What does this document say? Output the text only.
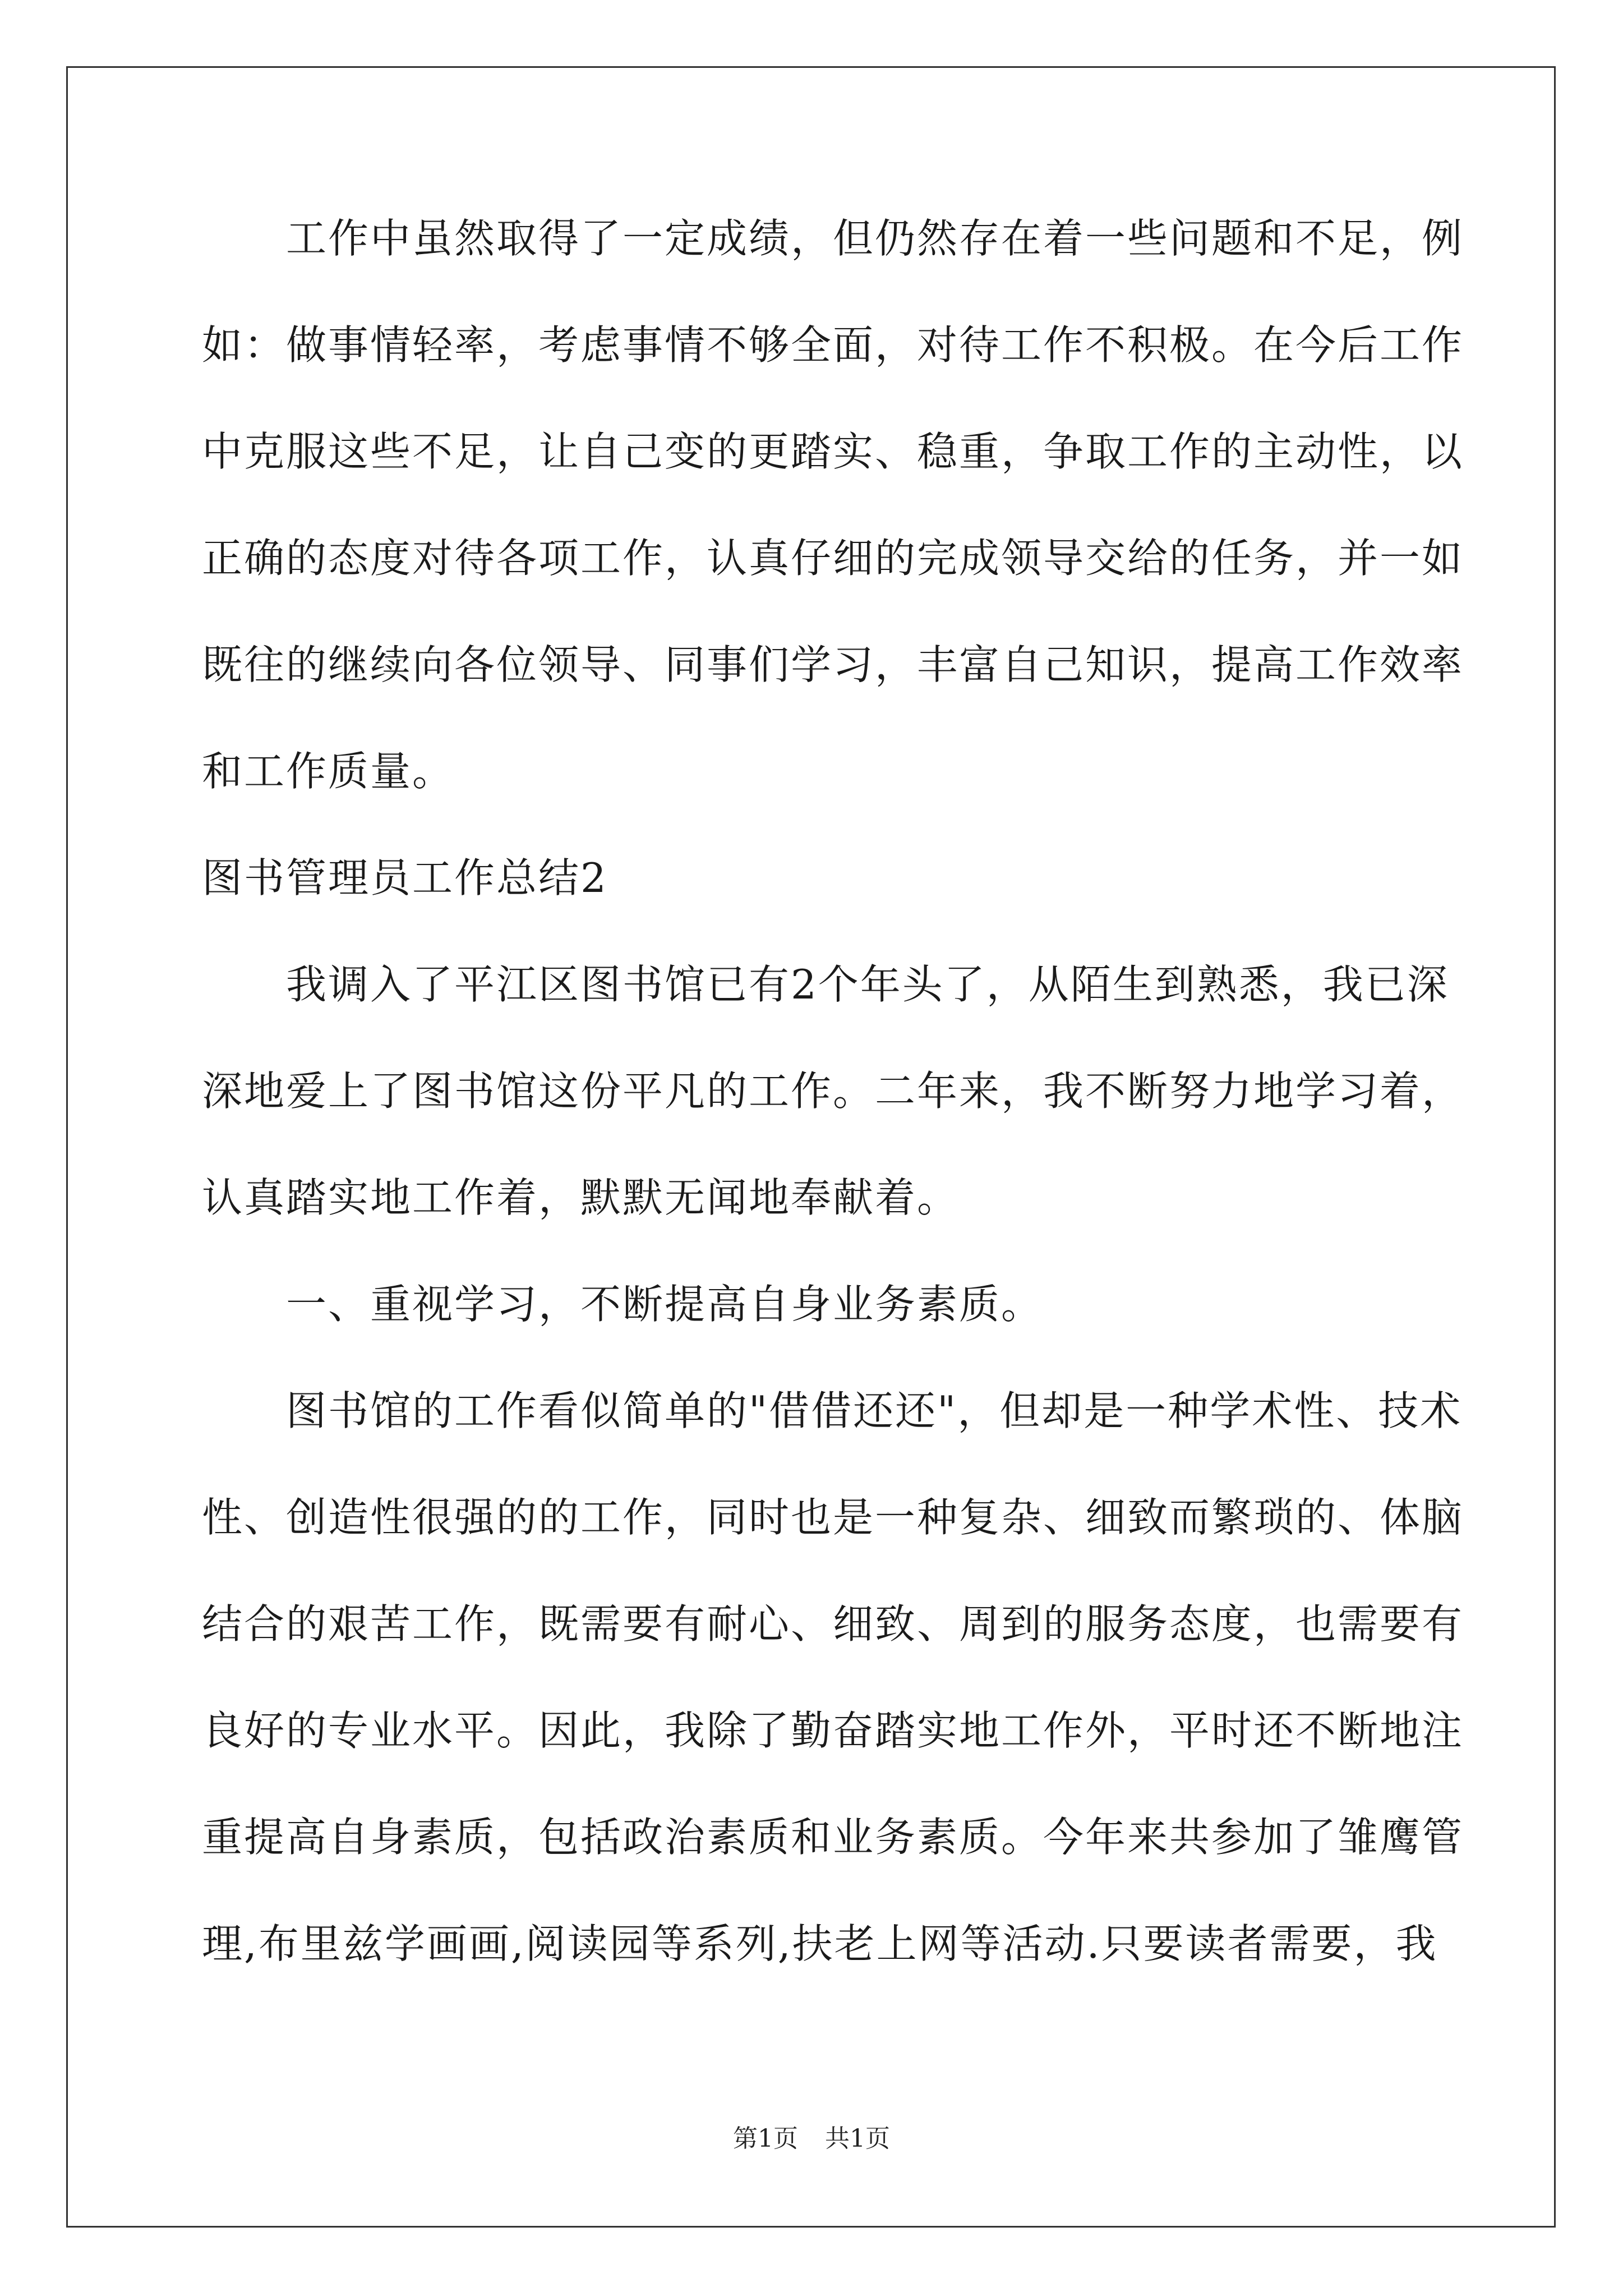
工作中虽然取得了一定成绩，但仍然存在着一些问题和不足，例
如：做事情轻率，考虑事情不够全面，对待工作不积极。在今后工作
中克服这些不足，让自己变的更踏实、稳重，争取工作的主动性，以
正确的态度对待各项工作，认真仔细的完成领导交给的任务，并一如
既往的继续向各位领导、同事们学习，丰富自己知识，提高工作效率
和工作质量。
图书管理员工作总结2
我调入了平江区图书馆已有2个年头了，从陌生到熟悉，我已深
深地爱上了图书馆这份平凡的工作。二年来，我不断努力地学习着，
认真踏实地工作着，默默无闻地奉献着。
一、重视学习，不断提高自身业务素质。
图书馆的工作看似简单的"借借还还"，但却是一种学术性、技术
性、创造性很强的的工作，同时也是一种复杂、细致而繁琐的、体脑
结合的艰苦工作，既需要有耐心、细致、周到的服务态度，也需要有
良好的专业水平。因此，我除了勤奋踏实地工作外，平时还不断地注
重提高自身素质，包括政治素质和业务素质。今年来共参加了雏鹰管
理,布里兹学画画,阅读园等系列,扶老上网等活动.只要读者需要，我
第1页 共1页
